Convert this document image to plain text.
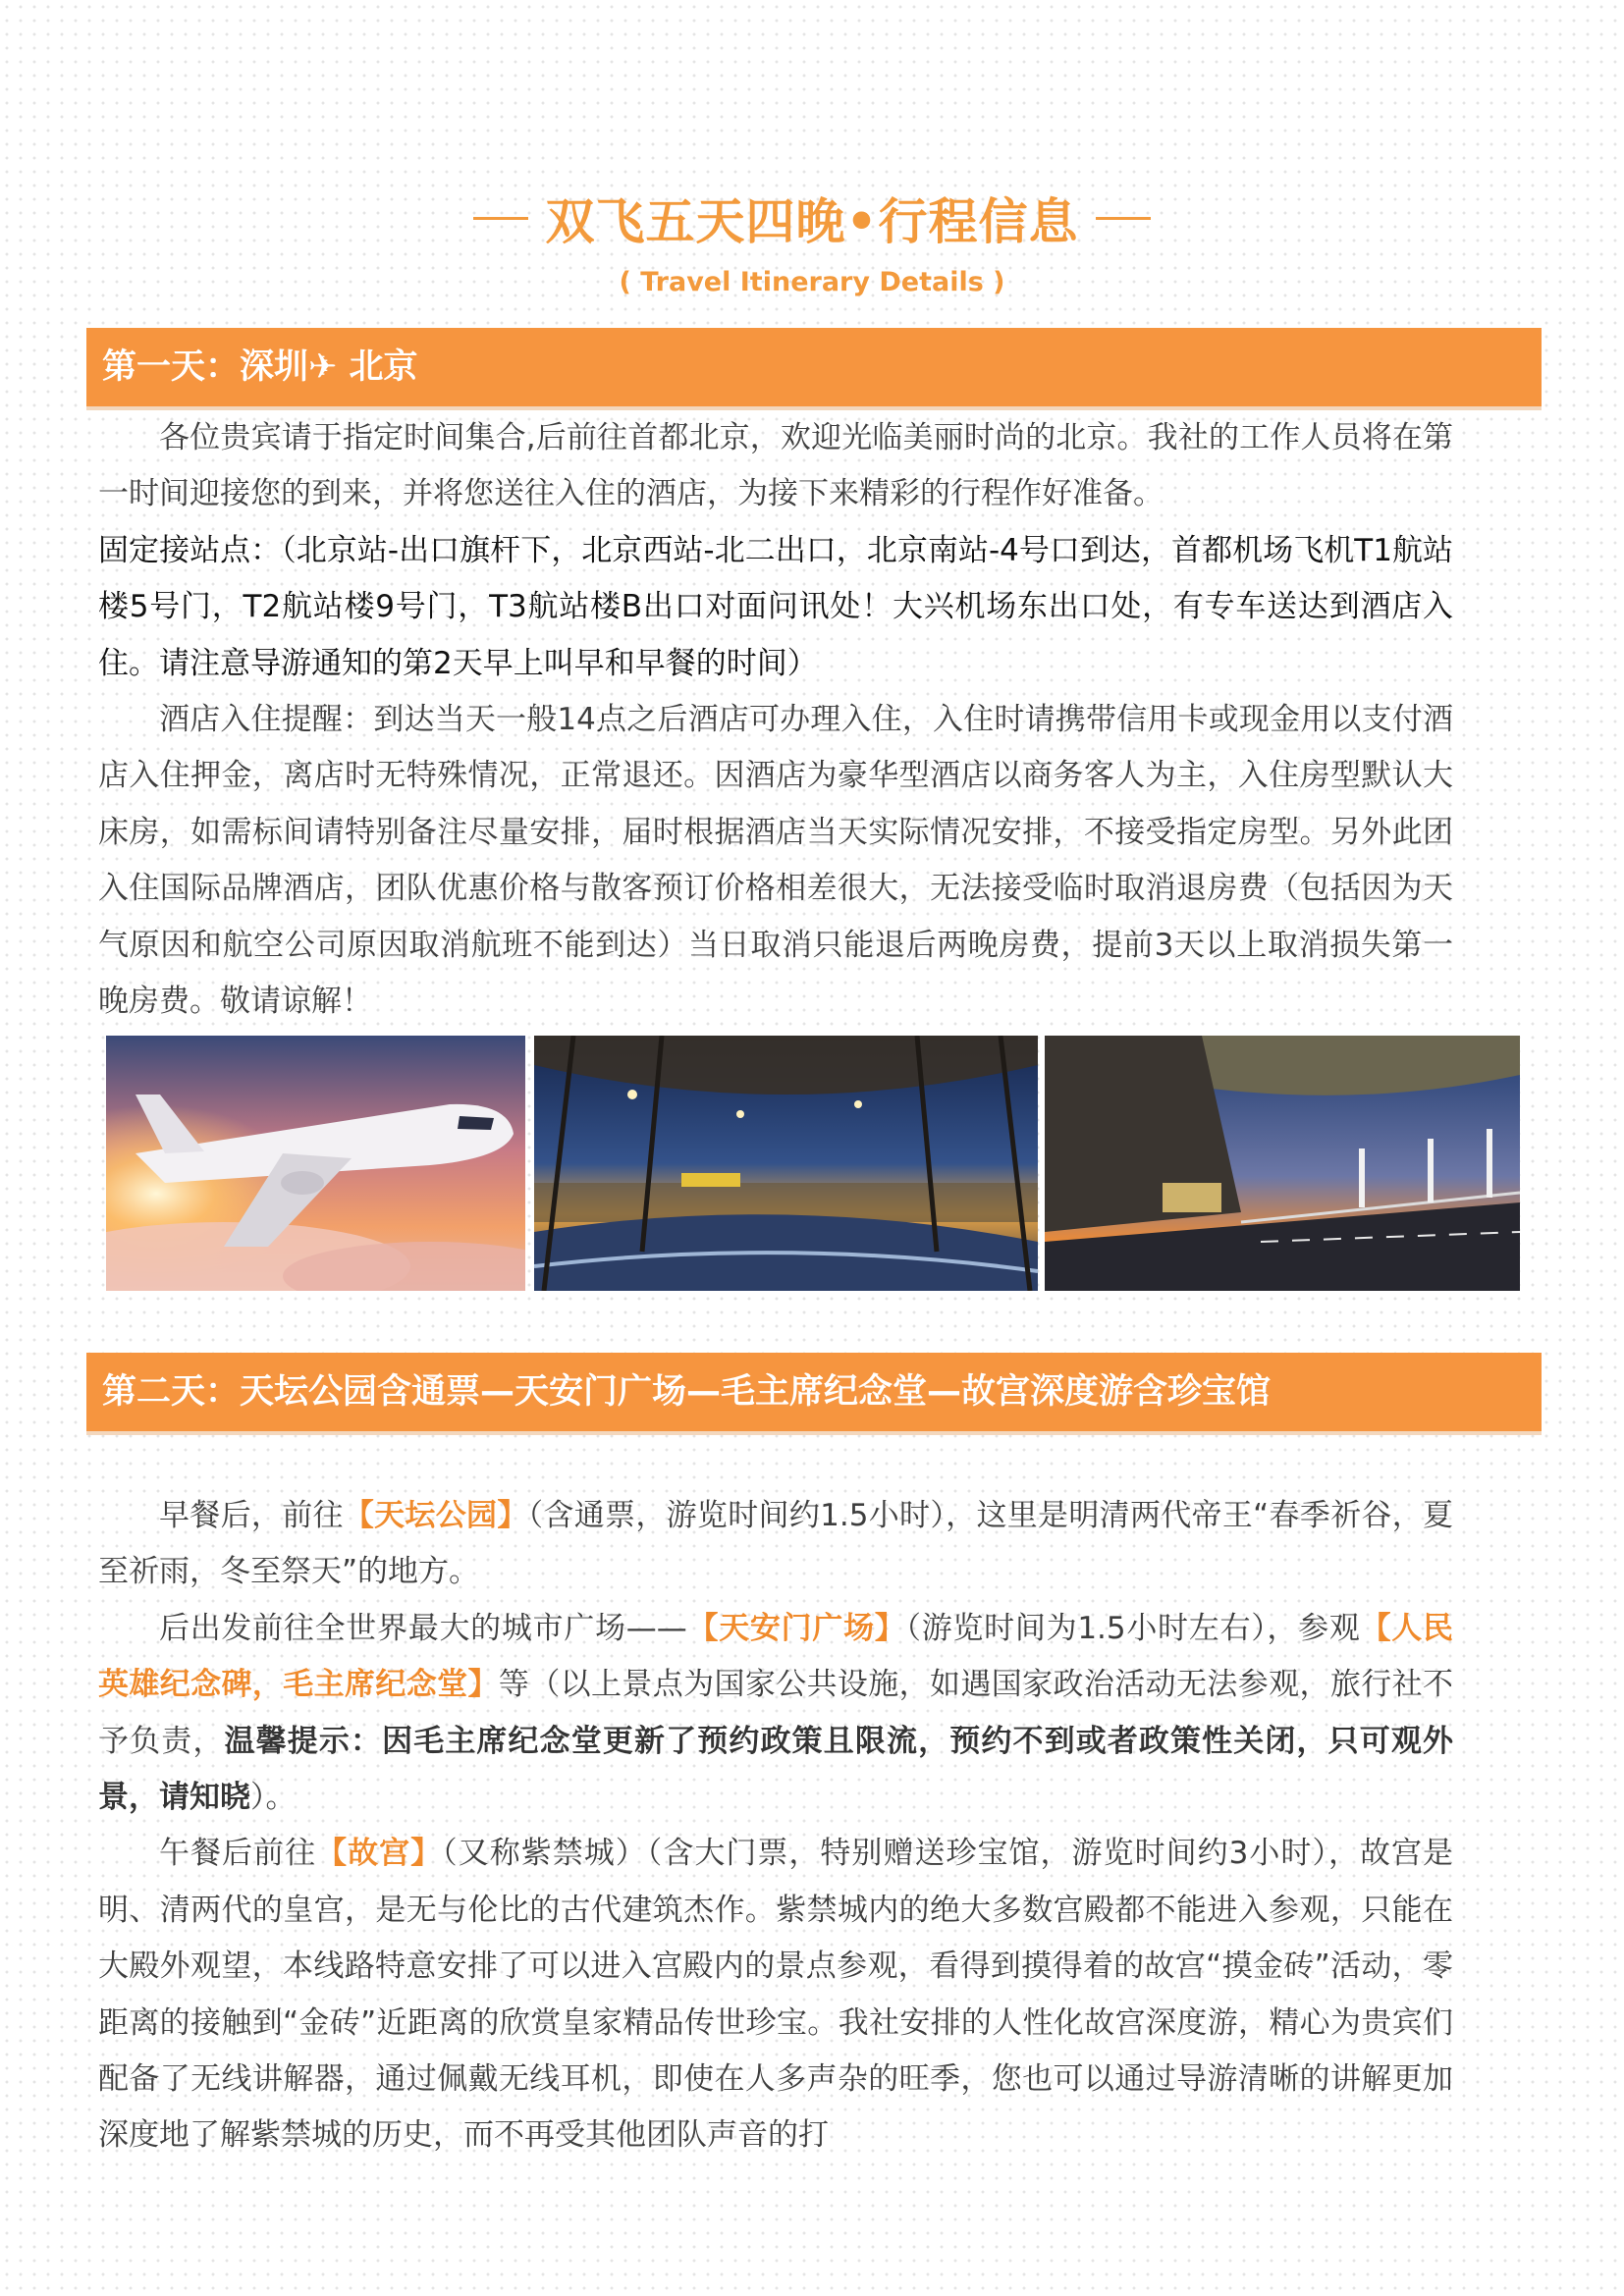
双飞五天四晚•行程信息
( Travel Itinerary Details )
第一天：深圳✈ 北京

各位贵宾请于指定时间集合,后前往首都北京，欢迎光临美丽时尚的北京。我社的工作人员将在第一时间迎接您的到来，并将您送往入住的酒店，为接下来精彩的行程作好准备。

固定接站点：（北京站-出口旗杆下，北京西站-北二出口，北京南站-4号口到达，首都机场飞机T1航站楼5号门，T2航站楼9号门，T3航站楼B出口对面问讯处！大兴机场东出口处，有专车送达到酒店入住。请注意导游通知的第2天早上叫早和早餐的时间）

酒店入住提醒：到达当天一般14点之后酒店可办理入住，入住时请携带信用卡或现金用以支付酒店入住押金，离店时无特殊情况，正常退还。因酒店为豪华型酒店以商务客人为主，入住房型默认大床房，如需标间请特别备注尽量安排，届时根据酒店当天实际情况安排，不接受指定房型。另外此团入住国际品牌酒店，团队优惠价格与散客预订价格相差很大，无法接受临时取消退房费（包括因为天气原因和航空公司原因取消航班不能到达）当日取消只能退后两晚房费，提前3天以上取消损失第一晚房费。敬请谅解！

第二天：天坛公园含通票—天安门广场—毛主席纪念堂—故宫深度游含珍宝馆

早餐后，前往【天坛公园】（含通票，游览时间约1.5小时），这里是明清两代帝王“春季祈谷，夏至祈雨，冬至祭天”的地方。

后出发前往全世界最大的城市广场——【天安门广场】（游览时间为1.5小时左右），参观【人民英雄纪念碑，毛主席纪念堂】等（以上景点为国家公共设施，如遇国家政治活动无法参观，旅行社不予负责，温馨提示：因毛主席纪念堂更新了预约政策且限流，预约不到或者政策性关闭，只可观外景，请知晓）。

午餐后前往【故宫】（又称紫禁城）（含大门票，特别赠送珍宝馆，游览时间约3小时），故宫是明、清两代的皇宫，是无与伦比的古代建筑杰作。紫禁城内的绝大多数宫殿都不能进入参观，只能在大殿外观望，本线路特意安排了可以进入宫殿内的景点参观，看得到摸得着的故宫“摸金砖”活动，零距离的接触到“金砖”近距离的欣赏皇家精品传世珍宝。我社安排的人性化故宫深度游，精心为贵宾们配备了无线讲解器，通过佩戴无线耳机，即使在人多声杂的旺季，您也可以通过导游清晰的讲解更加深度地了解紫禁城的历史，而不再受其他团队声音的打
